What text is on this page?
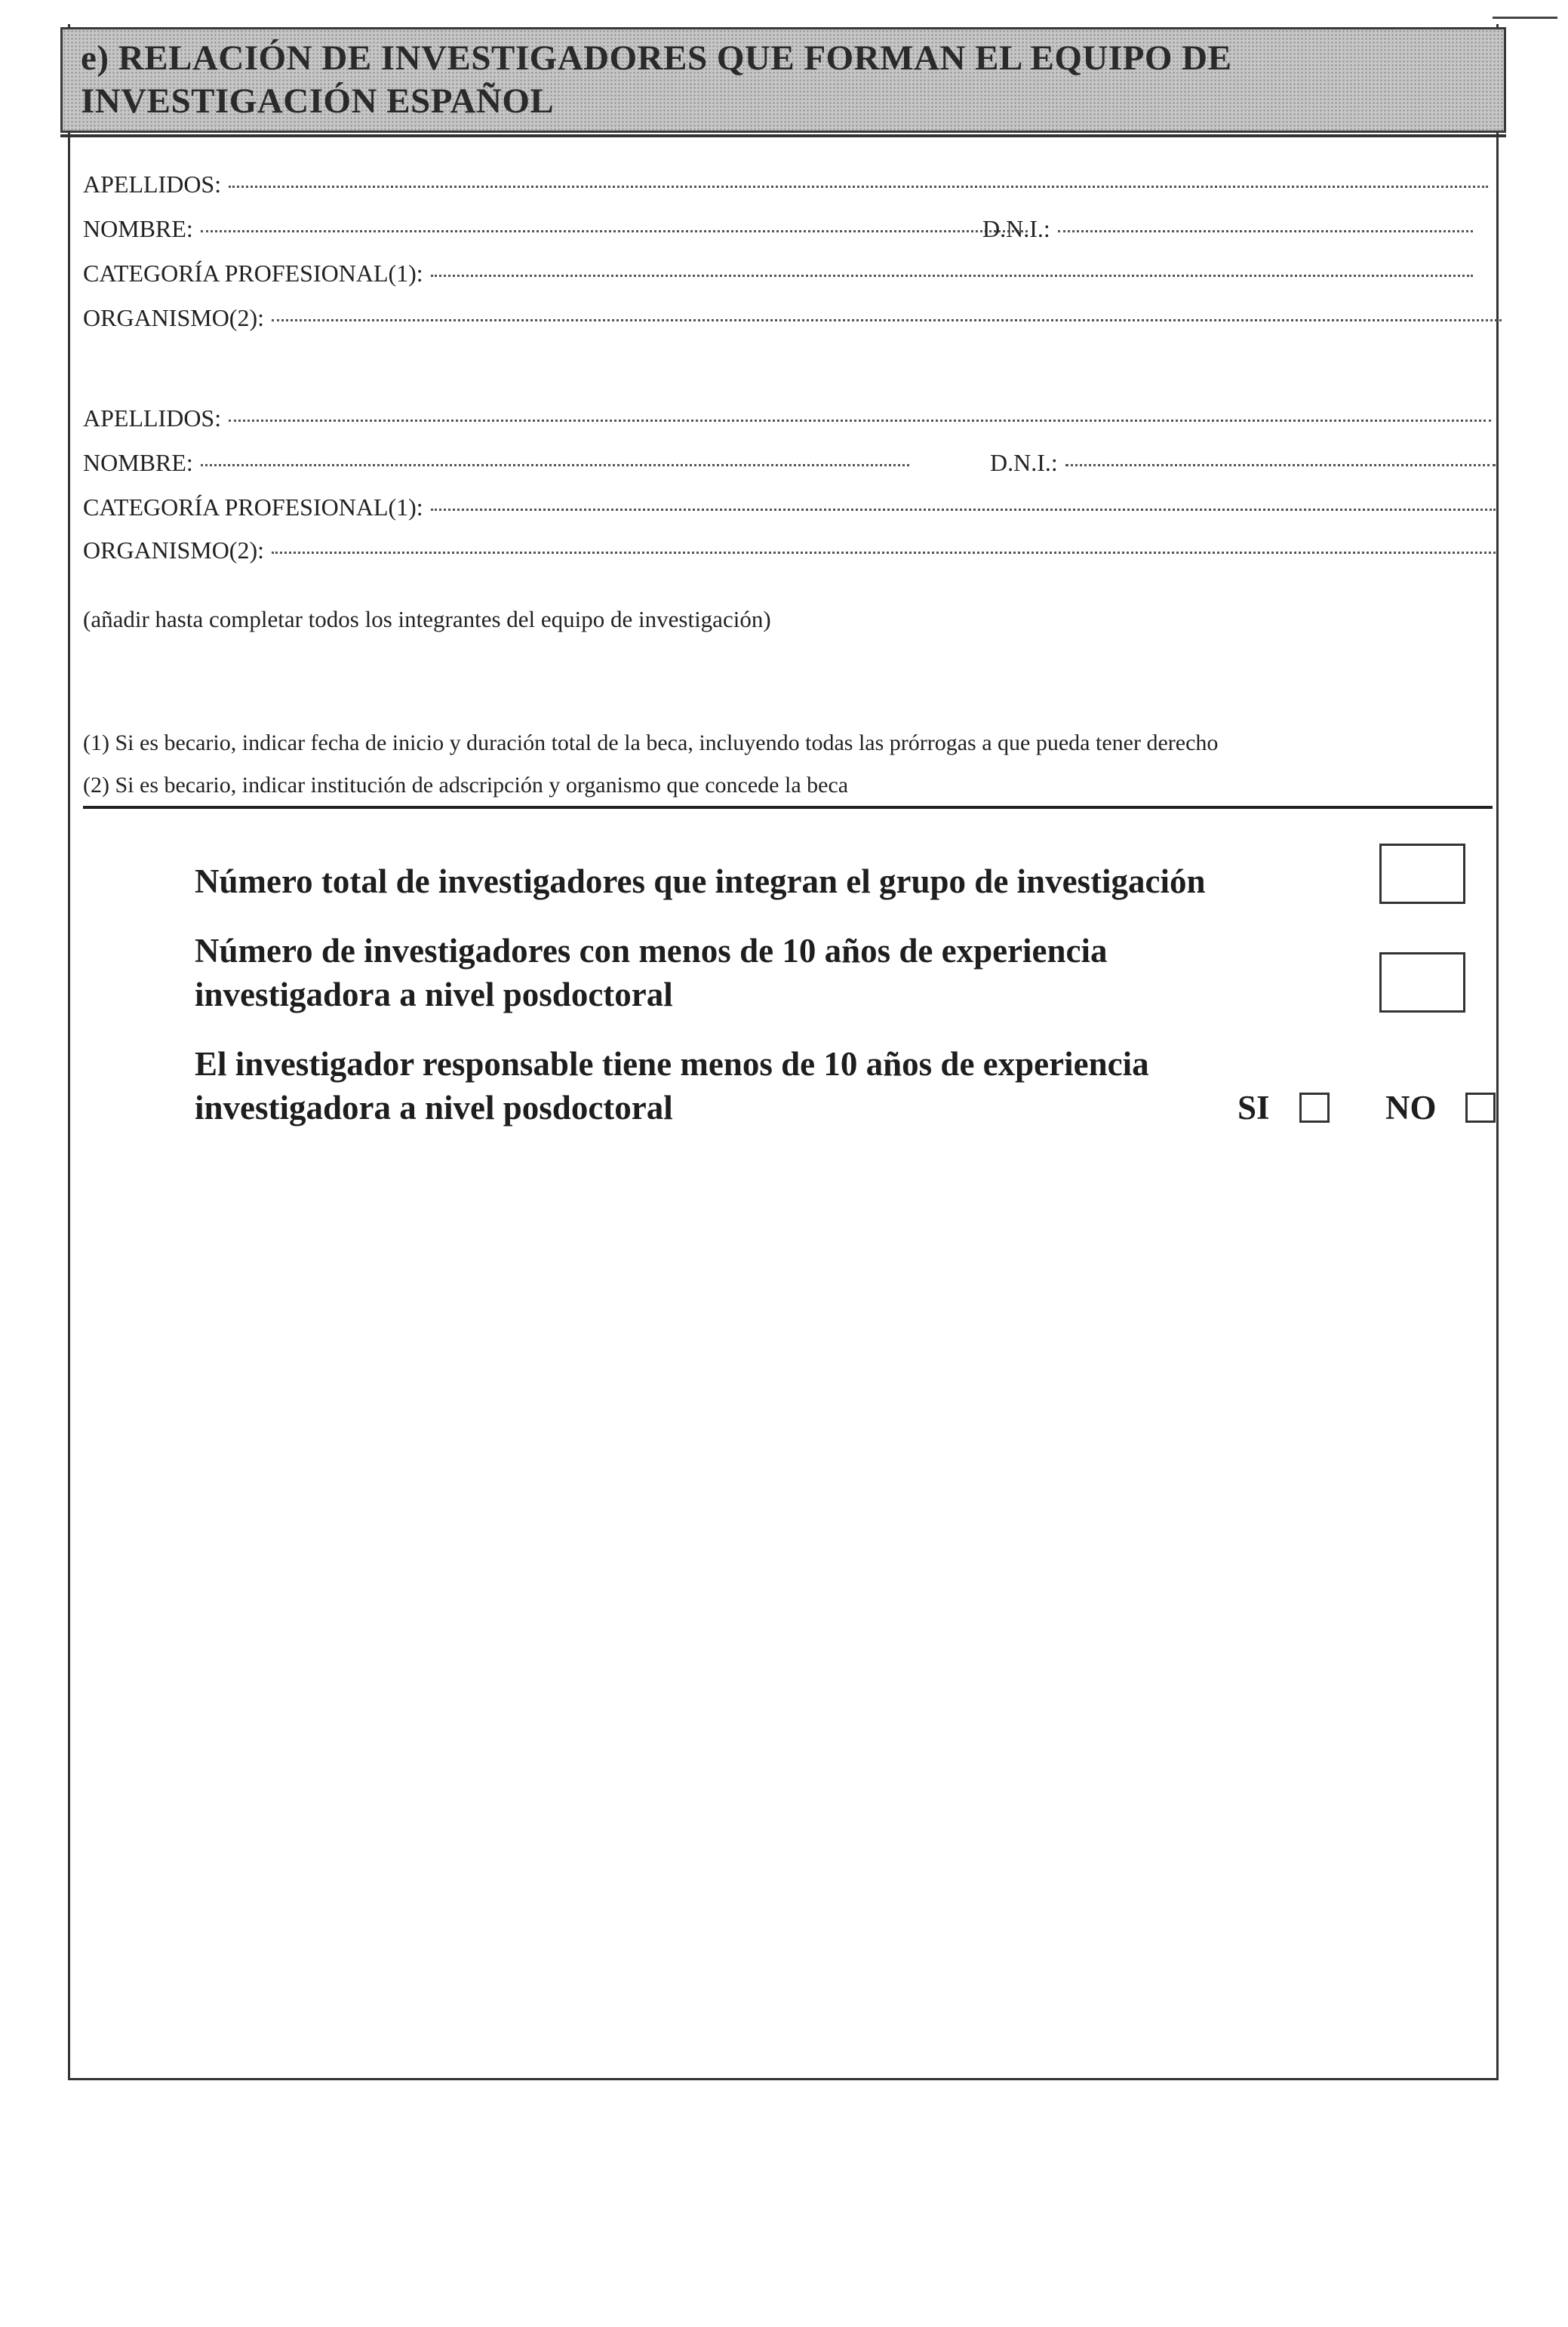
e) RELACIÓN DE INVESTIGADORES QUE FORMAN EL EQUIPO DE INVESTIGACIÓN ESPAÑOL
APELLIDOS:
NOMBRE:	D.N.I.:
CATEGORÍA PROFESIONAL(1):
ORGANISMO(2):
APELLIDOS:
NOMBRE:	D.N.I.:
CATEGORÍA PROFESIONAL(1):
ORGANISMO(2):
(añadir hasta completar todos los integrantes del equipo de investigación)
(1) Si es becario, indicar fecha de inicio y duración total de la beca, incluyendo todas las prórrogas a que pueda tener derecho
(2) Si es becario, indicar institución de adscripción y organismo que concede la beca
Número total de investigadores que integran el grupo de investigación
Número de investigadores con menos de 10 años de experiencia
investigadora a nivel posdoctoral
El investigador responsable tiene menos de 10 años de experiencia
investigadora a nivel posdoctoral	SI	NO
